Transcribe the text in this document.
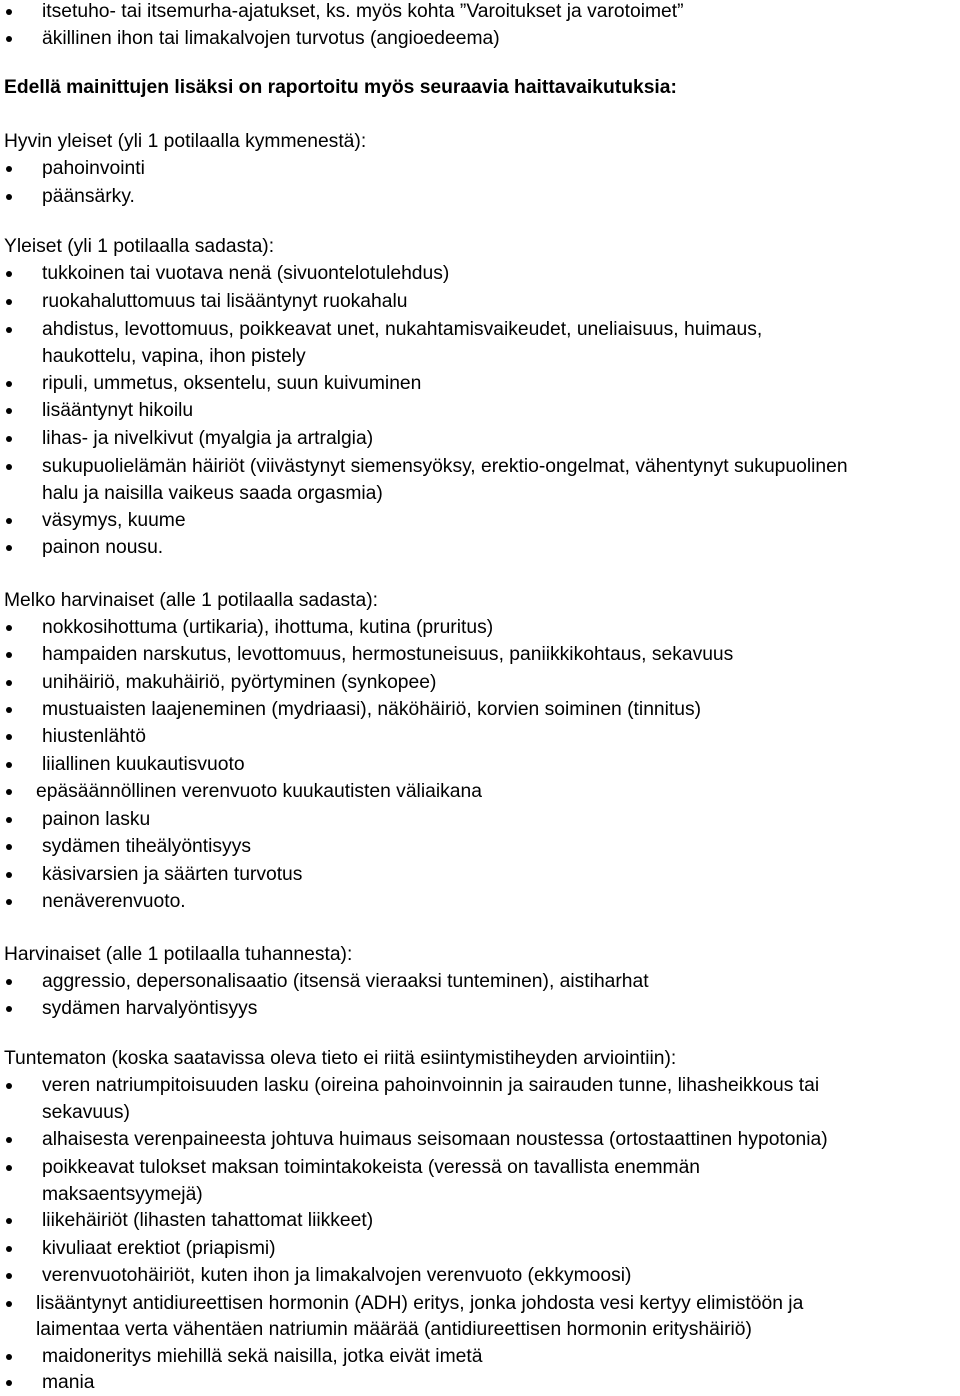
itsetuho- tai itsemurha-ajatukset, ks. myös kohta ”Varoitukset ja varotoimet”
äkillinen ihon tai limakalvojen turvotus (angioedeema)
Edellä mainittujen lisäksi on raportoitu myös seuraavia haittavaikutuksia:
Hyvin yleiset (yli 1 potilaalla kymmenestä):
pahoinvointi
päänsärky.
Yleiset (yli 1 potilaalla sadasta):
tukkoinen tai vuotava nenä (sivuontelotulehdus)
ruokahaluttomuus tai lisääntynyt ruokahalu
ahdistus, levottomuus, poikkeavat unet, nukahtamisvaikeudet, uneliaisuus, huimaus,
haukottelu, vapina, ihon pistely
ripuli, ummetus, oksentelu, suun kuivuminen
lisääntynyt hikoilu
lihas- ja nivelkivut (myalgia ja artralgia)
sukupuolielämän häiriöt (viivästynyt siemensyöksy, erektio-ongelmat, vähentynyt sukupuolinen
halu ja naisilla vaikeus saada orgasmia)
väsymys, kuume
painon nousu.
Melko harvinaiset (alle 1 potilaalla sadasta):
nokkosihottuma (urtikaria), ihottuma, kutina (pruritus)
hampaiden narskutus, levottomuus, hermostuneisuus, paniikkikohtaus, sekavuus
unihäiriö, makuhäiriö, pyörtyminen (synkopee)
mustuaisten laajeneminen (mydriaasi), näköhäiriö, korvien soiminen (tinnitus)
hiustenlähtö
liiallinen kuukautisvuoto
epäsäännöllinen verenvuoto kuukautisten väliaikana
painon lasku
sydämen tiheälyöntisyys
käsivarsien ja säärten turvotus
nenäverenvuoto.
Harvinaiset (alle 1 potilaalla tuhannesta):
aggressio, depersonalisaatio (itsensä vieraaksi tunteminen), aistiharhat
sydämen harvalyöntisyys
Tuntematon (koska saatavissa oleva tieto ei riitä esiintymistiheyden arviointiin):
veren natriumpitoisuuden lasku (oireina pahoinvoinnin ja sairauden tunne, lihasheikkous tai
sekavuus)
alhaisesta verenpaineesta johtuva huimaus seisomaan noustessa (ortostaattinen hypotonia)
poikkeavat tulokset maksan toimintakokeista (veressä on tavallista enemmän
maksaentsyymejä)
liikehäiriöt (lihasten tahattomat liikkeet)
kivuliaat erektiot (priapismi)
verenvuotohäiriöt, kuten ihon ja limakalvojen verenvuoto (ekkymoosi)
lisääntynyt antidiureettisen hormonin (ADH) eritys, jonka johdosta vesi kertyy elimistöön ja
laimentaa verta vähentäen natriumin määrää (antidiureettisen hormonin erityshäiriö)
maidoneritys miehillä sekä naisilla, jotka eivät imetä
mania
